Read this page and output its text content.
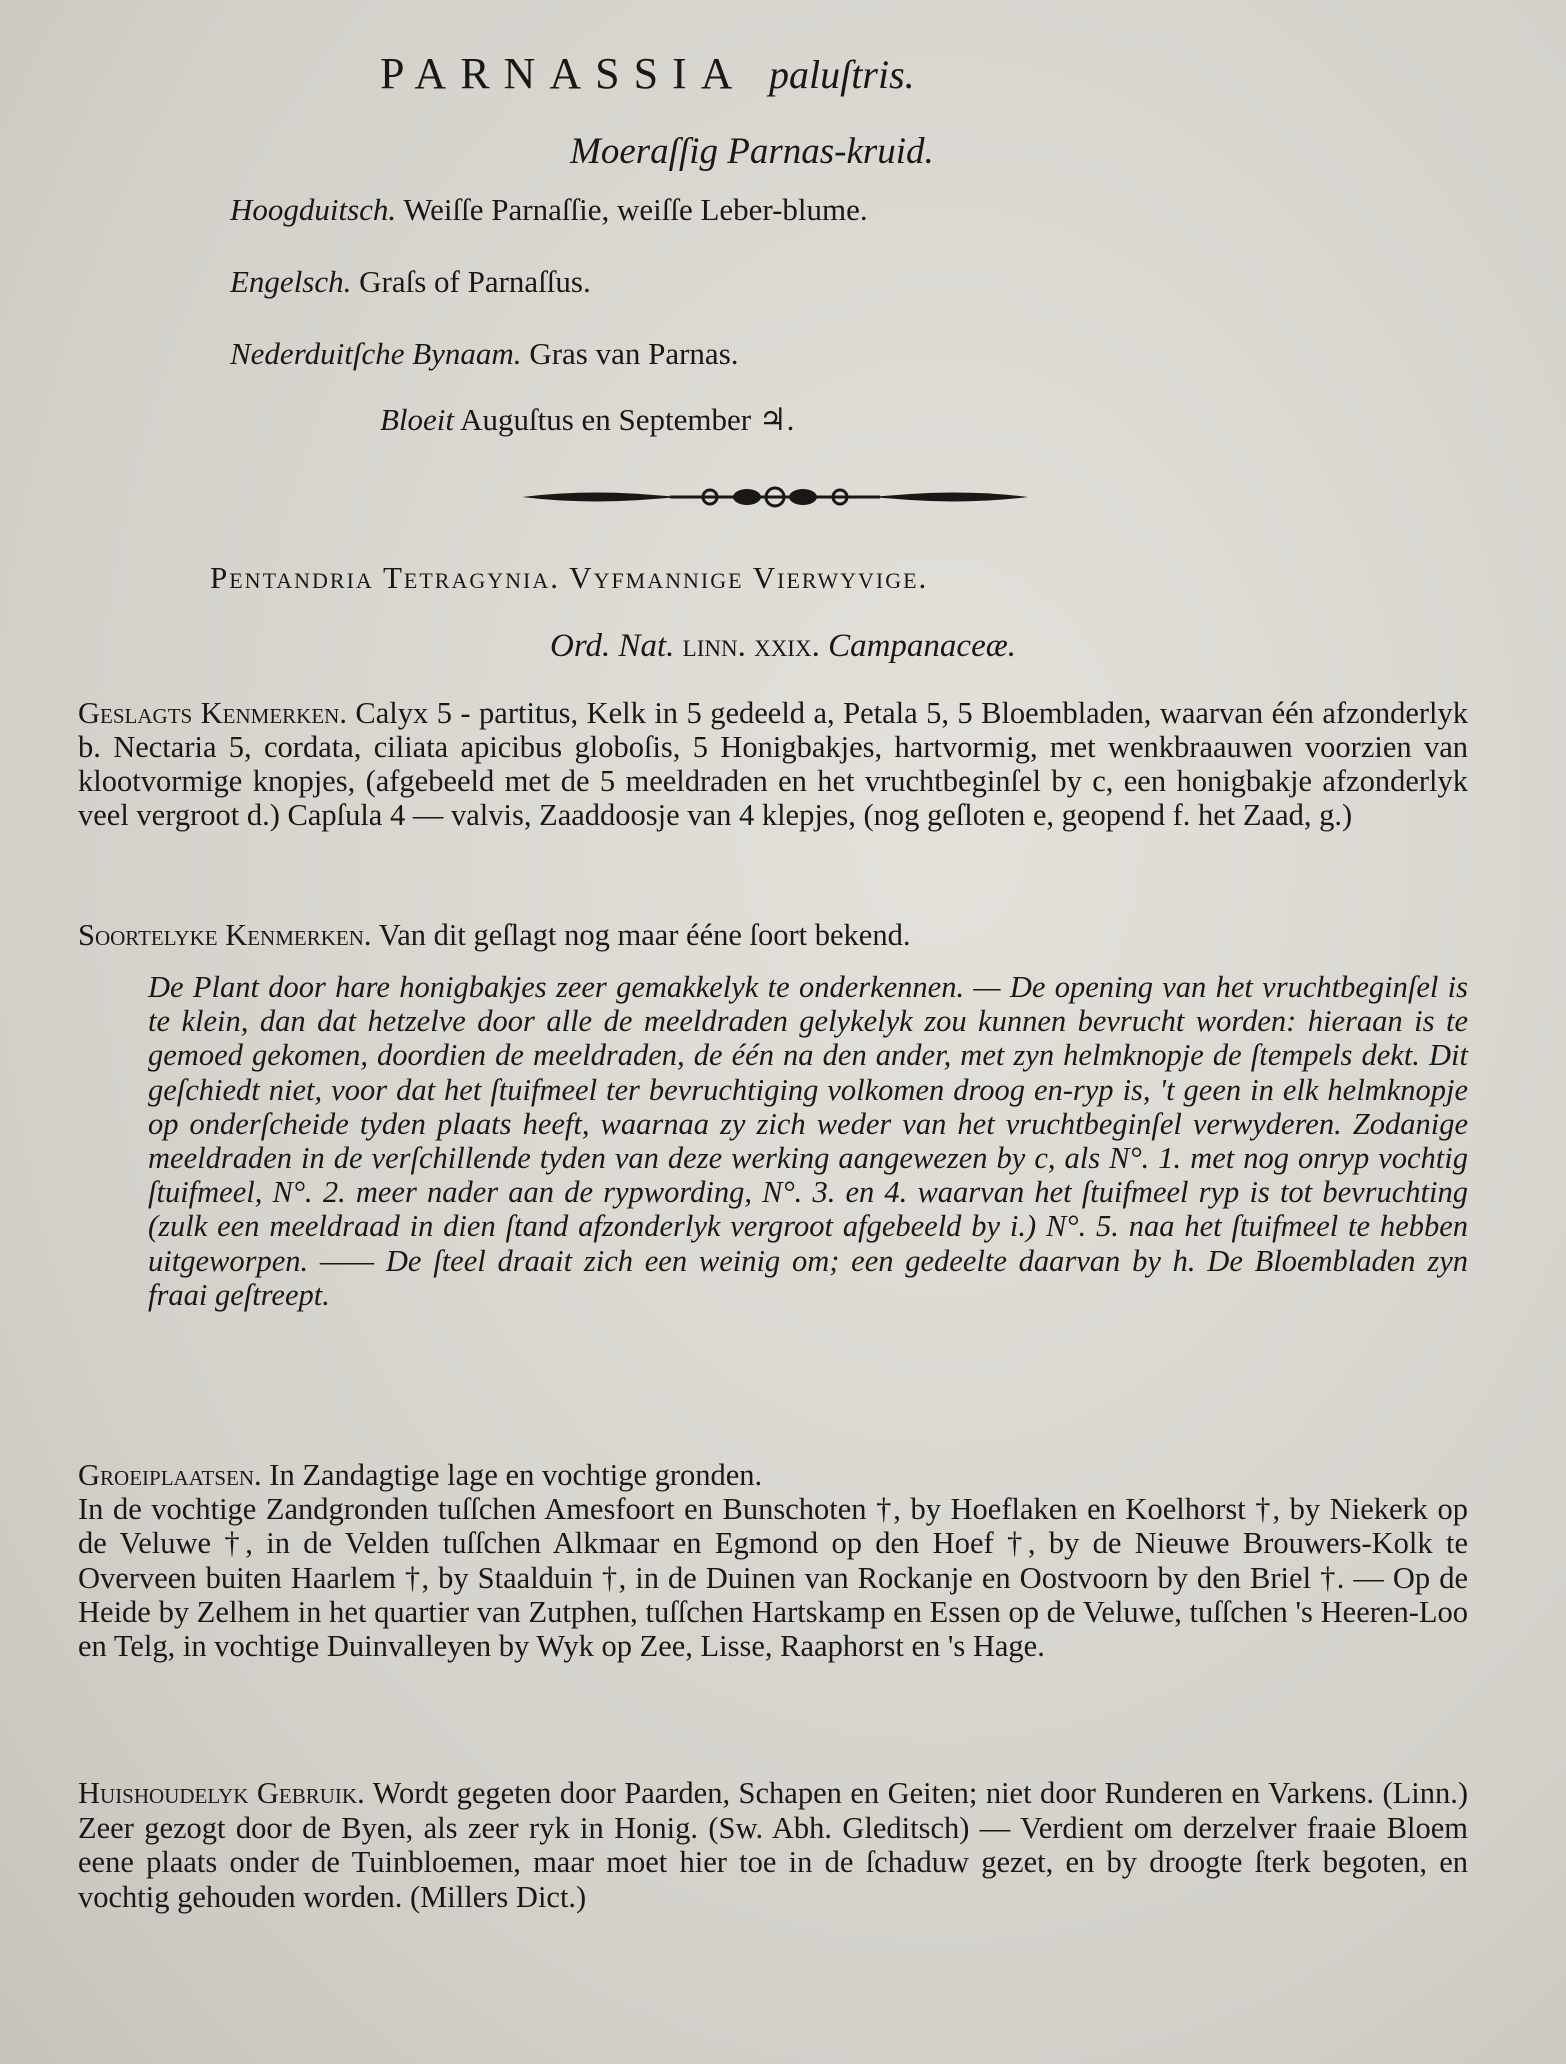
PARNASSIA paluſtris.
Moeraſſig Parnas-kruid.
Hoogduitsch. Weiſſe Parnaſſie, weiſſe Leber-blume.
Engelsch. Graſs of Parnaſſus.
Nederduitſche Bynaam. Gras van Parnas.
Bloeit Auguſtus en September ♃.
Pentandria Tetragynia. Vyfmannige Vierwyvige.
Ord. Nat. linn. xxix. Campanaceæ.
Geslagts Kenmerken. Calyx 5 - partitus, Kelk in 5 gedeeld a, Petala 5, 5 Bloembladen, waarvan één afzonderlyk b. Nectaria 5, cordata, ciliata apicibus globoſis, 5 Honigbakjes, hartvormig, met wenkbraauwen voorzien van klootvormige knopjes, (afgebeeld met de 5 meeldraden en het vruchtbeginſel by c, een honigbakje afzonderlyk veel vergroot d.) Capſula 4 — valvis, Zaaddoosje van 4 klepjes, (nog geſloten e, geopend f. het Zaad, g.)
Soortelyke Kenmerken. Van dit geſlagt nog maar ééne ſoort bekend.
De Plant door hare honigbakjes zeer gemakkelyk te onderkennen. — De opening van het vruchtbeginſel is te klein, dan dat hetzelve door alle de meeldraden gelykelyk zou kunnen bevrucht worden: hieraan is te gemoed gekomen, doordien de meeldraden, de één na den ander, met zyn helmknopje de ſtempels dekt. Dit geſchiedt niet, voor dat het ſtuifmeel ter bevruchtiging volkomen droog en-ryp is, 't geen in elk helmknopje op onderſcheide tyden plaats heeft, waarnaa zy zich weder van het vruchtbeginſel verwyderen. Zodanige meeldraden in de verſchillende tyden van deze werking aangewezen by c, als N°. 1. met nog onryp vochtig ſtuifmeel, N°. 2. meer nader aan de rypwording, N°. 3. en 4. waarvan het ſtuifmeel ryp is tot bevruchting (zulk een meeldraad in dien ſtand afzonderlyk vergroot afgebeeld by i.) N°. 5. naa het ſtuifmeel te hebben uitgeworpen. —— De ſteel draait zich een weinig om; een gedeelte daarvan by h. De Bloembladen zyn fraai geſtreept.
Groeiplaatsen. In Zandagtige lage en vochtige gronden.
In de vochtige Zandgronden tuſſchen Amesfoort en Bunschoten †, by Hoeflaken en Koelhorst †, by Niekerk op de Veluwe †, in de Velden tuſſchen Alkmaar en Egmond op den Hoef †, by de Nieuwe Brouwers-Kolk te Overveen buiten Haarlem †, by Staalduin †, in de Duinen van Rockanje en Oostvoorn by den Briel †. — Op de Heide by Zelhem in het quartier van Zutphen, tuſſchen Hartskamp en Essen op de Veluwe, tuſſchen 's Heeren-Loo en Telg, in vochtige Duinvalleyen by Wyk op Zee, Lisse, Raaphorst en 's Hage.
Huishoudelyk Gebruik. Wordt gegeten door Paarden, Schapen en Geiten; niet door Runderen en Varkens. (Linn.) Zeer gezogt door de Byen, als zeer ryk in Honig. (Sw. Abh. Gleditsch) — Verdient om derzelver fraaie Bloem eene plaats onder de Tuinbloemen, maar moet hier toe in de ſchaduw gezet, en by droogte ſterk begoten, en vochtig gehouden worden. (Millers Dict.)
